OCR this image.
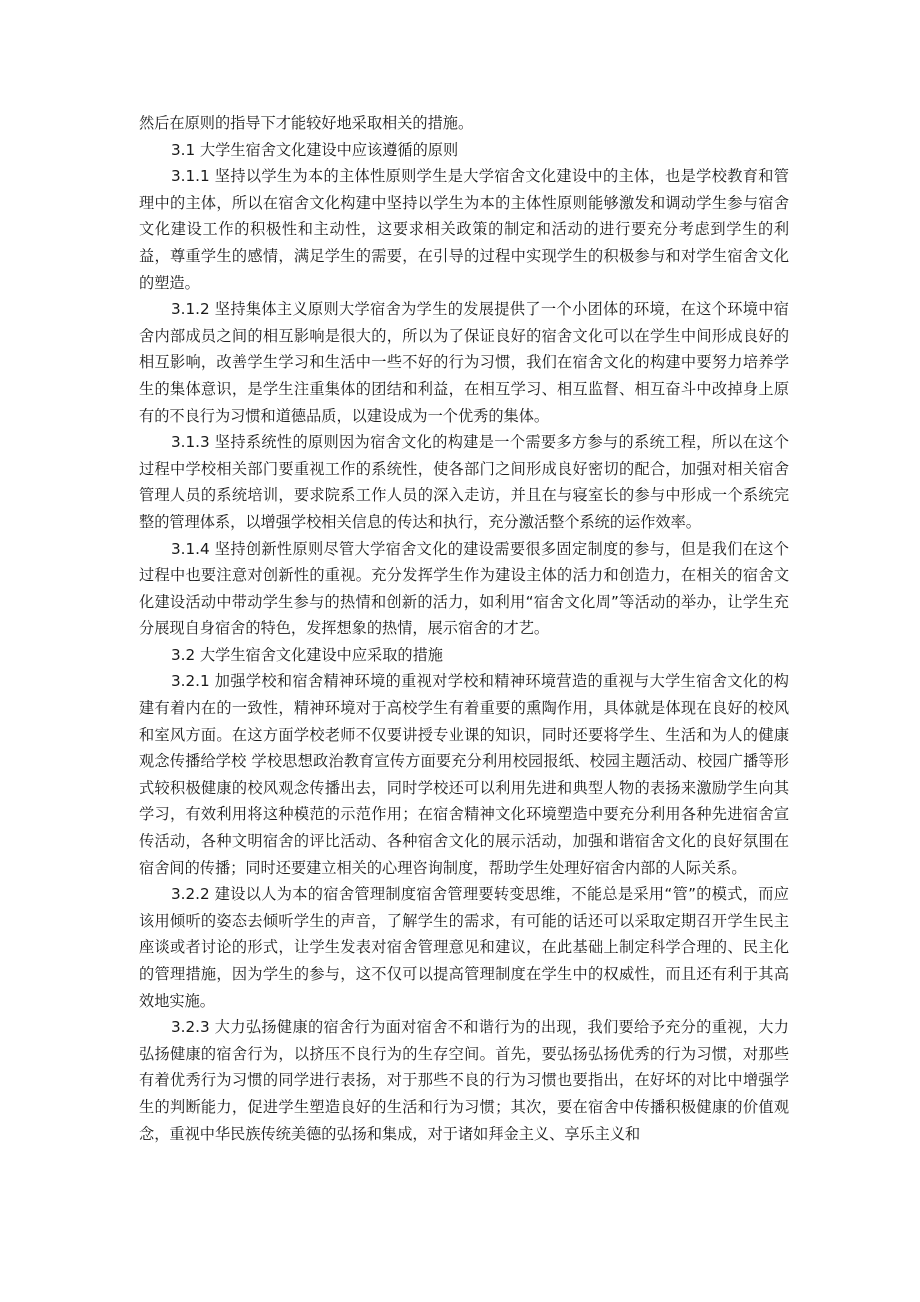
然后在原则的指导下才能较好地采取相关的措施。

3.1 大学生宿舍文化建设中应该遵循的原则

3.1.1 坚持以学生为本的主体性原则学生是大学宿舍文化建设中的主体，也是学校教育和管理中的主体，所以在宿舍文化构建中坚持以学生为本的主体性原则能够激发和调动学生参与宿舍文化建设工作的积极性和主动性，这要求相关政策的制定和活动的进行要充分考虑到学生的利益，尊重学生的感情，满足学生的需要，在引导的过程中实现学生的积极参与和对学生宿舍文化的塑造。

3.1.2 坚持集体主义原则大学宿舍为学生的发展提供了一个小团体的环境，在这个环境中宿舍内部成员之间的相互影响是很大的，所以为了保证良好的宿舍文化可以在学生中间形成良好的相互影响，改善学生学习和生活中一些不好的行为习惯，我们在宿舍文化的构建中要努力培养学生的集体意识，是学生注重集体的团结和利益，在相互学习、相互监督、相互奋斗中改掉身上原有的不良行为习惯和道德品质，以建设成为一个优秀的集体。

3.1.3 坚持系统性的原则因为宿舍文化的构建是一个需要多方参与的系统工程，所以在这个过程中学校相关部门要重视工作的系统性，使各部门之间形成良好密切的配合，加强对相关宿舍管理人员的系统培训，要求院系工作人员的深入走访，并且在与寝室长的参与中形成一个系统完整的管理体系，以增强学校相关信息的传达和执行，充分激活整个系统的运作效率。

3.1.4 坚持创新性原则尽管大学宿舍文化的建设需要很多固定制度的参与，但是我们在这个过程中也要注意对创新性的重视。充分发挥学生作为建设主体的活力和创造力，在相关的宿舍文化建设活动中带动学生参与的热情和创新的活力，如利用“宿舍文化周”等活动的举办，让学生充分展现自身宿舍的特色，发挥想象的热情，展示宿舍的才艺。

3.2 大学生宿舍文化建设中应采取的措施

3.2.1 加强学校和宿舍精神环境的重视对学校和精神环境营造的重视与大学生宿舍文化的构建有着内在的一致性，精神环境对于高校学生有着重要的熏陶作用，具体就是体现在良好的校风和室风方面。在这方面学校老师不仅要讲授专业课的知识，同时还要将学生、生活和为人的健康观念传播给学校 学校思想政治教育宣传方面要充分利用校园报纸、校园主题活动、校园广播等形式较积极健康的校风观念传播出去，同时学校还可以利用先进和典型人物的表扬来激励学生向其学习，有效利用将这种模范的示范作用；在宿舍精神文化环境塑造中要充分利用各种先进宿舍宣传活动，各种文明宿舍的评比活动、各种宿舍文化的展示活动，加强和谐宿舍文化的良好氛围在宿舍间的传播；同时还要建立相关的心理咨询制度，帮助学生处理好宿舍内部的人际关系。

3.2.2 建设以人为本的宿舍管理制度宿舍管理要转变思维，不能总是采用“管”的模式，而应该用倾听的姿态去倾听学生的声音，了解学生的需求，有可能的话还可以采取定期召开学生民主座谈或者讨论的形式，让学生发表对宿舍管理意见和建议，在此基础上制定科学合理的、民主化的管理措施，因为学生的参与，这不仅可以提高管理制度在学生中的权威性，而且还有利于其高效地实施。

3.2.3 大力弘扬健康的宿舍行为面对宿舍不和谐行为的出现，我们要给予充分的重视，大力弘扬健康的宿舍行为，以挤压不良行为的生存空间。首先，要弘扬弘扬优秀的行为习惯，对那些有着优秀行为习惯的同学进行表扬，对于那些不良的行为习惯也要指出，在好坏的对比中增强学生的判断能力，促进学生塑造良好的生活和行为习惯；其次，要在宿舍中传播积极健康的价值观念，重视中华民族传统美德的弘扬和集成，对于诸如拜金主义、享乐主义和
